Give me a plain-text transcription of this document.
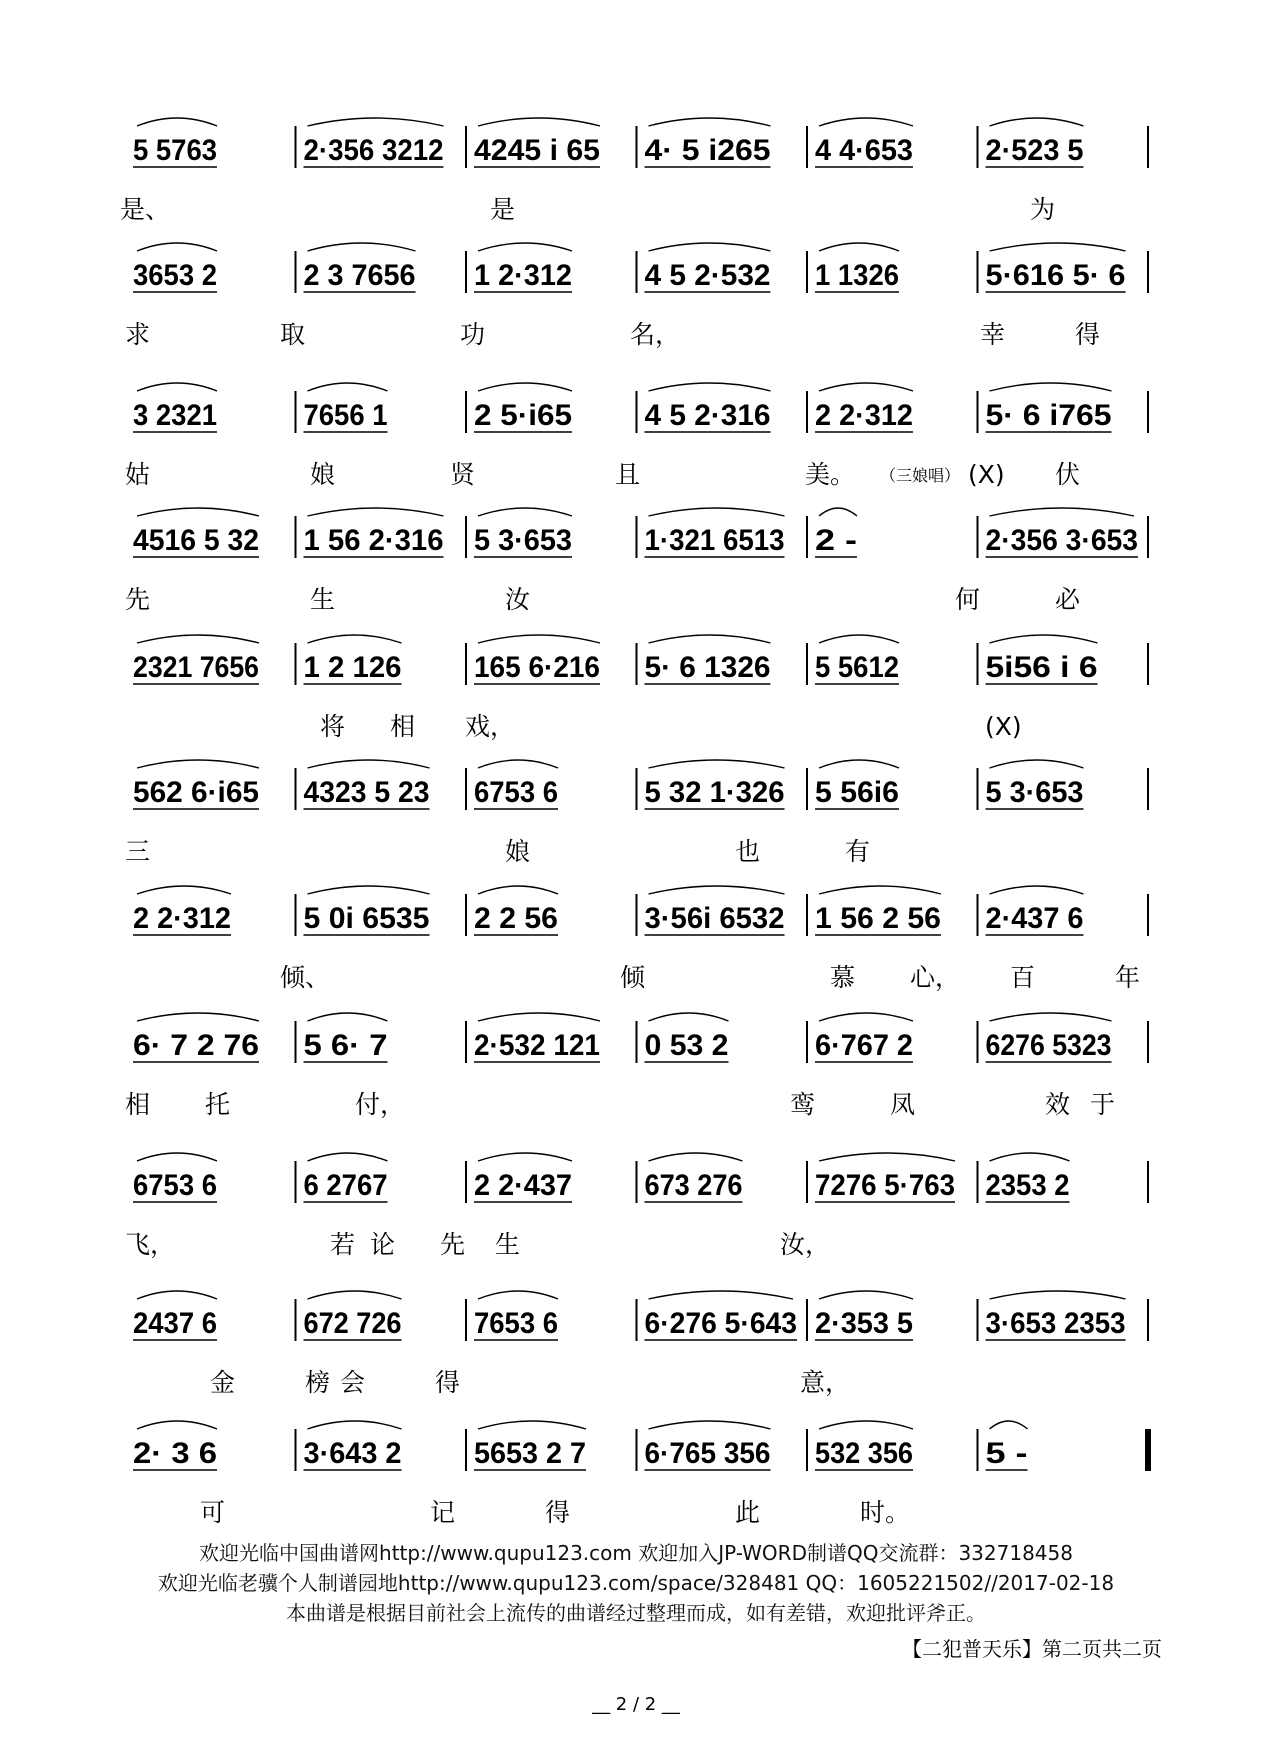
5 5763	2·356 3212 4245 i 65 4· 5 i265 4 4·653 2·523 5
是、	是	为
3653 2	2 3 7656 1 2·312 4 5 2·532 1 1326	5·616 5· 6
求	取	功	名，	幸	得
3 2321	7656 1	2 5·i65 4 5 2·316 2 2·312 5· 6 i765
姑	娘	贤	且	美。	(X) 伏
（三娘唱）
4516 5 32 1 56 2·316 5 3·653 1·321 6513 2 -	2·356 3·653
先	生	汝	何	必
2321 7656 1 2 126 165 6·216 5· 6 1326 5 5612	5i56 i 6
将 相 戏，	(X)
562 6·i65 4323 5 23 6753 6	5 32 1·326 5 56i6	5 3·653
三	娘	也	有
2 2·312 5 0i 6535 2 2 56	3·56i 6532 1 56 2 56 2·437 6
倾、	倾	慕 心， 百	年
6· 7 2 76 5 6· 7	2·532 121 0 53 2	6·767 2 6276 5323
相 托	付，	鸾	凤	效 于
6753 6	6 2767	2 2·437 673 276 7276 5·763 2353 2
飞，	若 论 先 生	汝，
2437 6	672 726 7653 6	6·276 5·643 2·353 5 3·653 2353
金	榜 会	得	意，
2· 3 6	3·643 2 5653 2 7 6·765 356 532 356 5 -
可	记	得	此	时。
欢迎光临中国曲谱网http://www.qupu123.com 欢迎加入JP-WORD制谱QQ交流群：332718458
欢迎光临老骥个人制谱园地http://www.qupu123.com/space/328481 QQ：1605221502//2017-02-18
本曲谱是根据目前社会上流传的曲谱经过整理而成，如有差错，欢迎批评斧正。
【二犯普天乐】第二页共二页
__ 2 / 2 __
